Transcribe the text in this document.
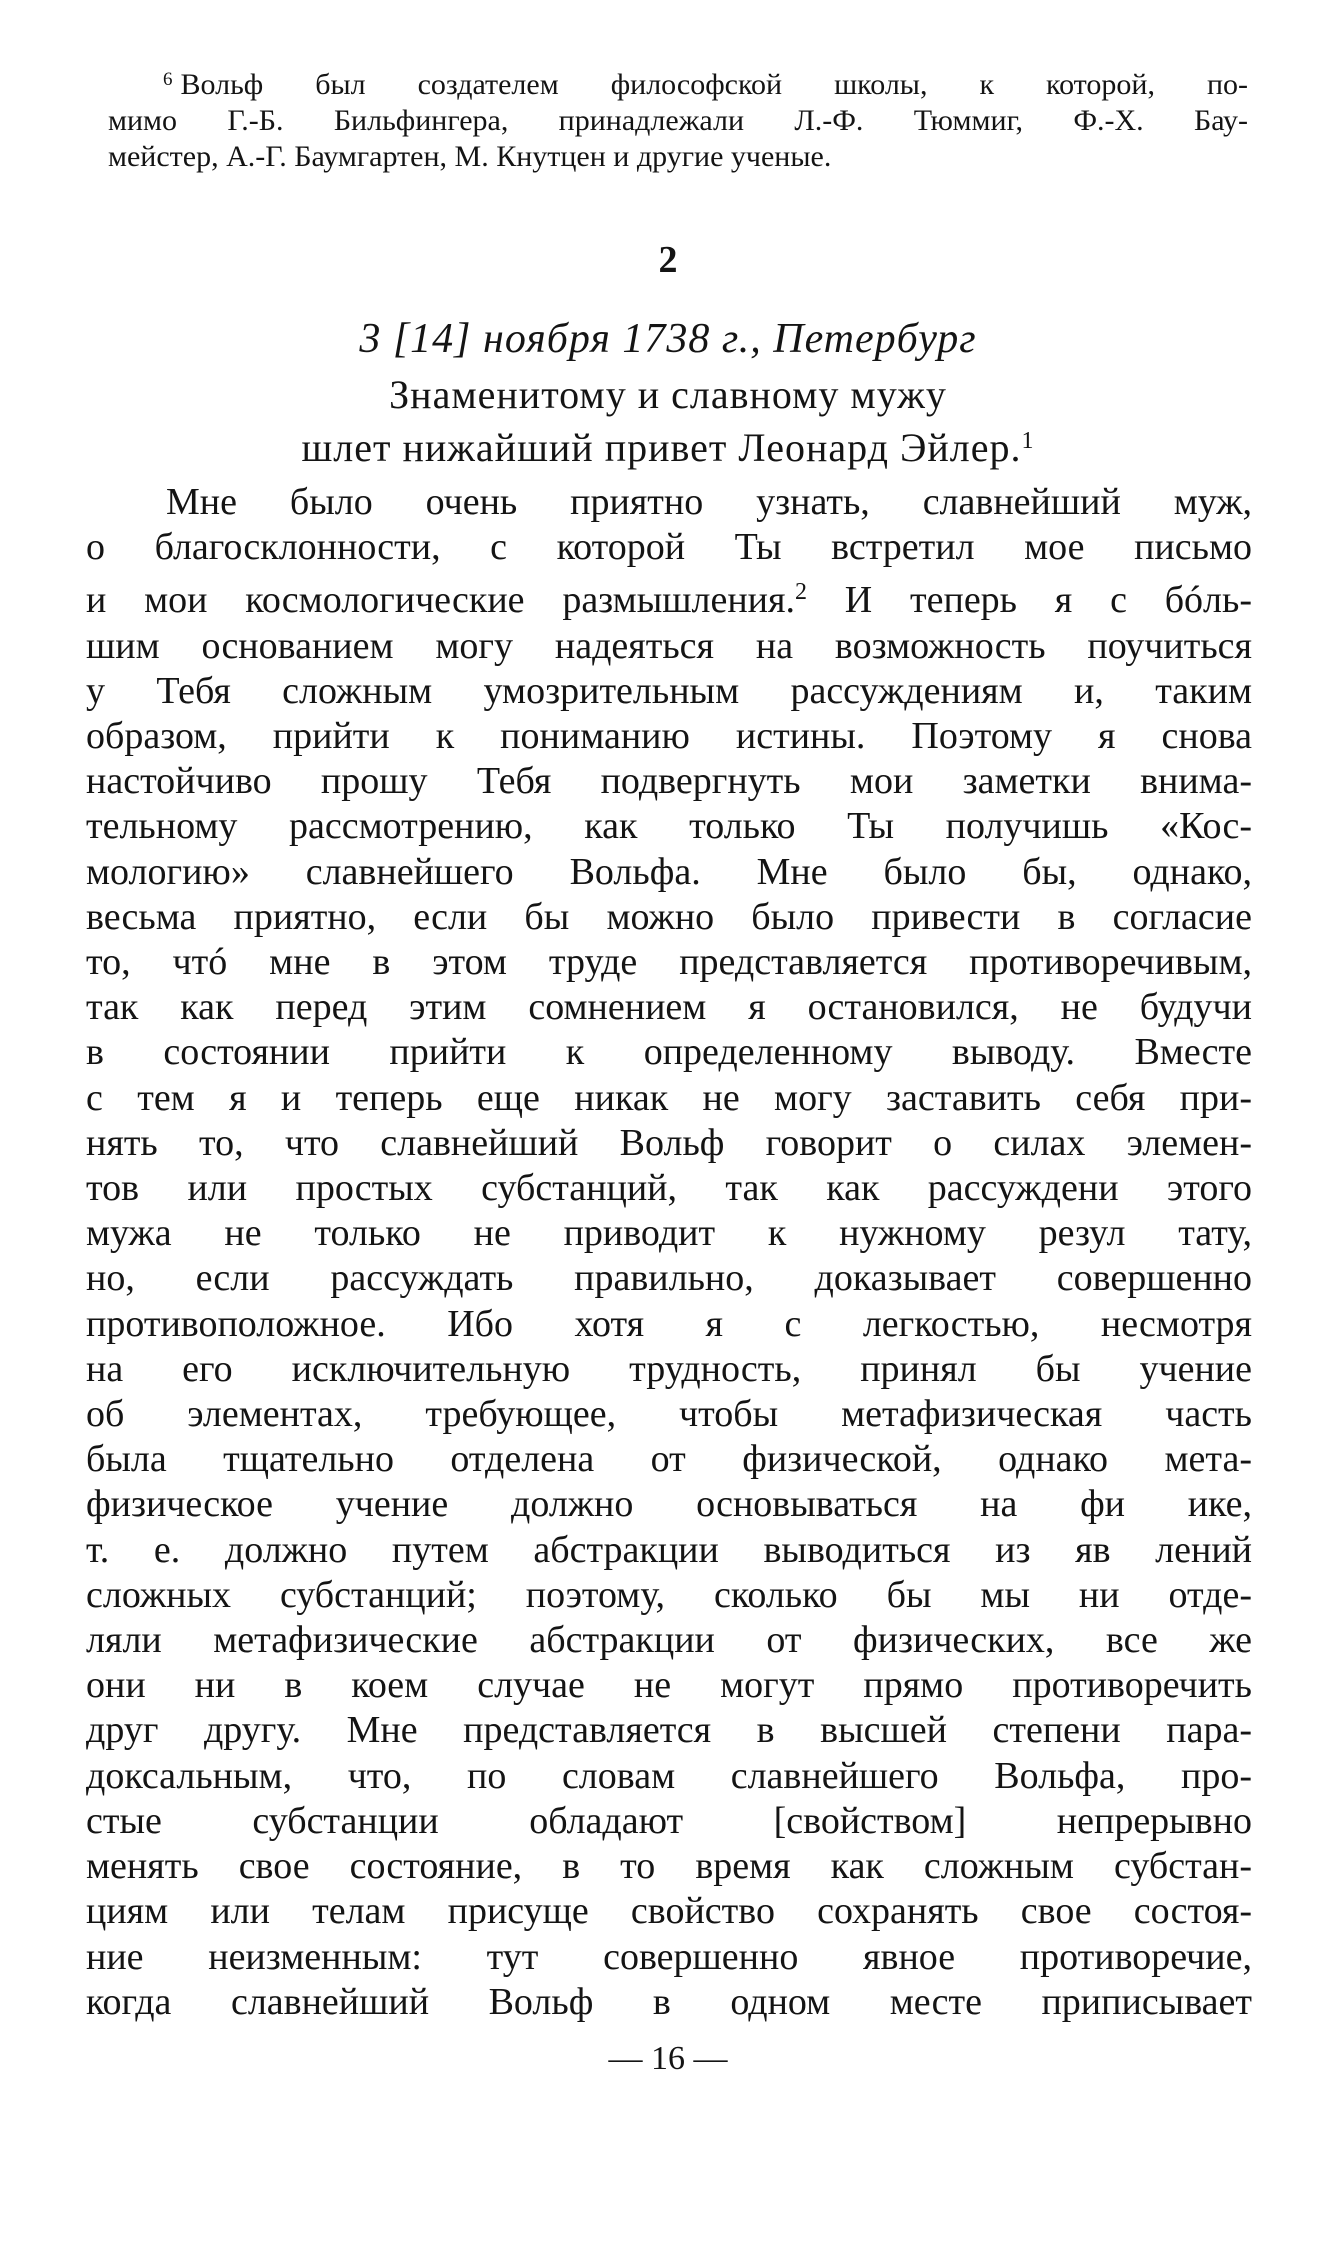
$^6$ Вольф был создателем философской школы, к которой, по-
мимо Г.-Б. Бильфингера, принадлежали Л.-Ф. Тюммиг, Ф.-Х. Бау-
мейстер, А.-Г. Баумгартен, М. Кнутцен и другие ученые.
2
3 [14] ноября 1738 г., Петербург
Знаменитому и славному мужу
шлет нижайший привет Леонард Эйлер.$^1$
Мне было очень приятно узнать, славнейший муж,
о благосклонности, с которой Ты встретил мое письмо
и мои космологические размышления.$^2$ И теперь я с бóль-
шим основанием могу надеяться на возможность поучиться
у Тебя сложным умозрительным рассуждениям и, таким
образом, прийти к пониманию истины. Поэтому я снова
настойчиво прошу Тебя подвергнуть мои заметки внима-
тельному рассмотрению, как только Ты получишь «Кос-
мологию» славнейшего Вольфа. Мне было бы, однако,
весьма приятно, если бы можно было привести в согласие
то, чтó мне в этом труде представляется противоречивым,
так как перед этим сомнением я остановился, не будучи
в состоянии прийти к определенному выводу. Вместе
с тем я и теперь еще никак не могу заставить себя при-
нять то, что славнейший Вольф говорит о силах элемен-
тов или простых субстанций, так как рассуждени этого
мужа не только не приводит к нужному резул тату,
но, если рассуждать правильно, доказывает совершенно
противоположное. Ибо хотя я с легкостью, несмотря
на его исключительную трудность, принял бы учение
об элементах, требующее, чтобы метафизическая часть
была тщательно отделена от физической, однако мета-
физическое учение должно основываться на фи ике,
т. е. должно путем абстракции выводиться из яв лений
сложных субстанций; поэтому, сколько бы мы ни отде-
ляли метафизические абстракции от физических, все же
они ни в коем случае не могут прямо противоречить
друг другу. Мне представляется в высшей степени пара-
доксальным, что, по словам славнейшего Вольфа, про-
стые субстанции обладают [свойством] непрерывно
менять свое состояние, в то время как сложным субстан-
циям или телам присуще свойство сохранять свое состоя-
ние неизменным: тут совершенно явное противоречие,
когда славнейший Вольф в одном месте приписывает
— 16 —
